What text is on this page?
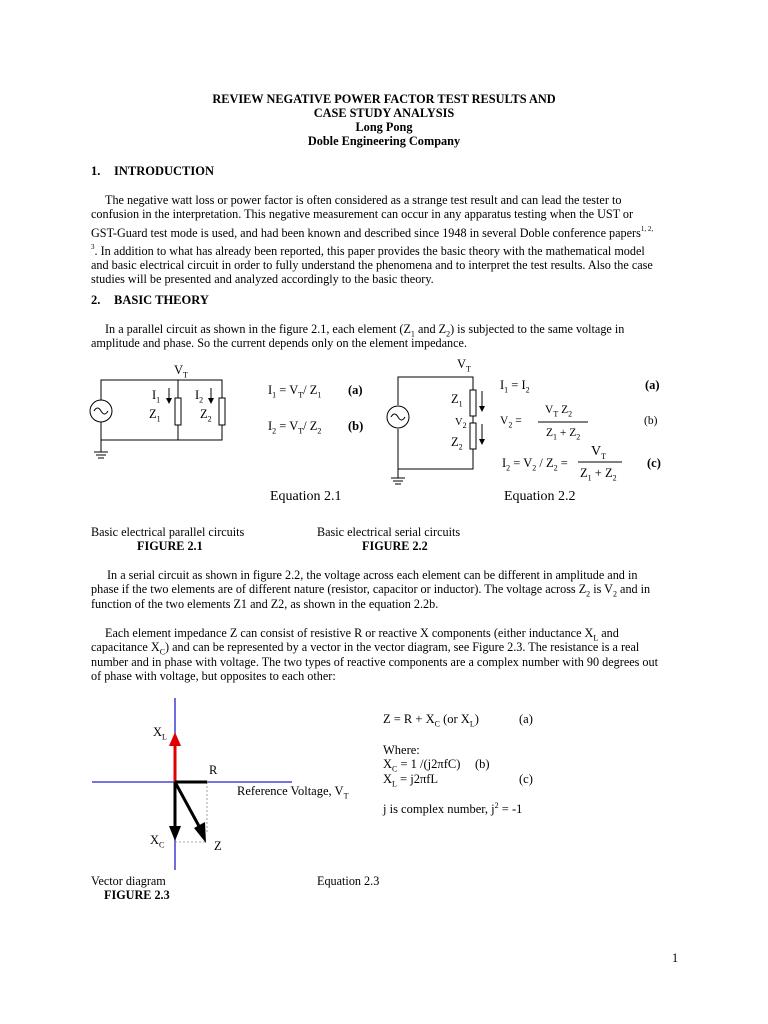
REVIEW NEGATIVE POWER FACTOR TEST RESULTS AND
CASE STUDY ANALYSIS
Long Pong
Doble Engineering Company
1. INTRODUCTION
The negative watt loss or power factor is often considered as a strange test result and can lead the tester to
confusion in the interpretation. This negative measurement can occur in any apparatus testing when the UST or
GST-Guard test mode is used, and had been known and described since 1948 in several Doble conference papers$^{1, 2,}$
$^3$. In addition to what has already been reported, this paper provides the basic theory with the mathematical model
and basic electrical circuit in order to fully understand the phenomena and to interpret the test results. Also the case
studies will be presented and analyzed accordingly to the basic theory.
2. BASIC THEORY
In a parallel circuit as shown in the figure 2.1, each element ($Z_1$ and $Z_2$) is subjected to the same voltage in
amplitude and phase. So the current depends only on the element impedance.
$V_T$
$I_1$	$I_2$
$Z_1$	$Z_2$
$I_1 = V_T/$ $Z_1$ (a)
$I_2 = V_T/$ $Z_2$ (b)
Equation 2.1
$V_T$
$Z_1$
$V_2$
$Z_2$
$I_1 = I_2$	(a)
$V_2$ =
$V_T$ $Z_2$
$Z_1 + Z_2$
(b)
$V_T$
$I_2 = V_2 / Z_2$ =
$Z_1 + Z_2$
(c)
Equation 2.2
Basic electrical parallel circuits
FIGURE 2.1
Basic electrical serial circuits
FIGURE 2.2
In a serial circuit as shown in figure 2.2, the voltage across each element can be different in amplitude and in
phase if the two elements are of different nature (resistor, capacitor or inductor). The voltage across $Z_2$ is $V_2$ and in
function of the two elements Z1 and Z2, as shown in the equation 2.2b.
Each element impedance Z can consist of resistive R or reactive X components (either inductance $X_L$ and
capacitance $X_C$) and can be represented by a vector in the vector diagram, see Figure 2.3. The resistance is a real
number and in phase with voltage. The two types of reactive components are a complex number with 90 degrees out
of phase with voltage, but opposites to each other:
$X_L$
R
Reference Voltage, $V_T$
$X_C$	Z
$Z = R + X_C$ (or $X_L$)	(a)
Where:
$X_C = 1$ /(j2πfC) (b)
$X_L = j2\pi fL$	(c)
j is complex number, $j^2 = -1$
Vector diagram
FIGURE 2.3
Equation 2.3
1
